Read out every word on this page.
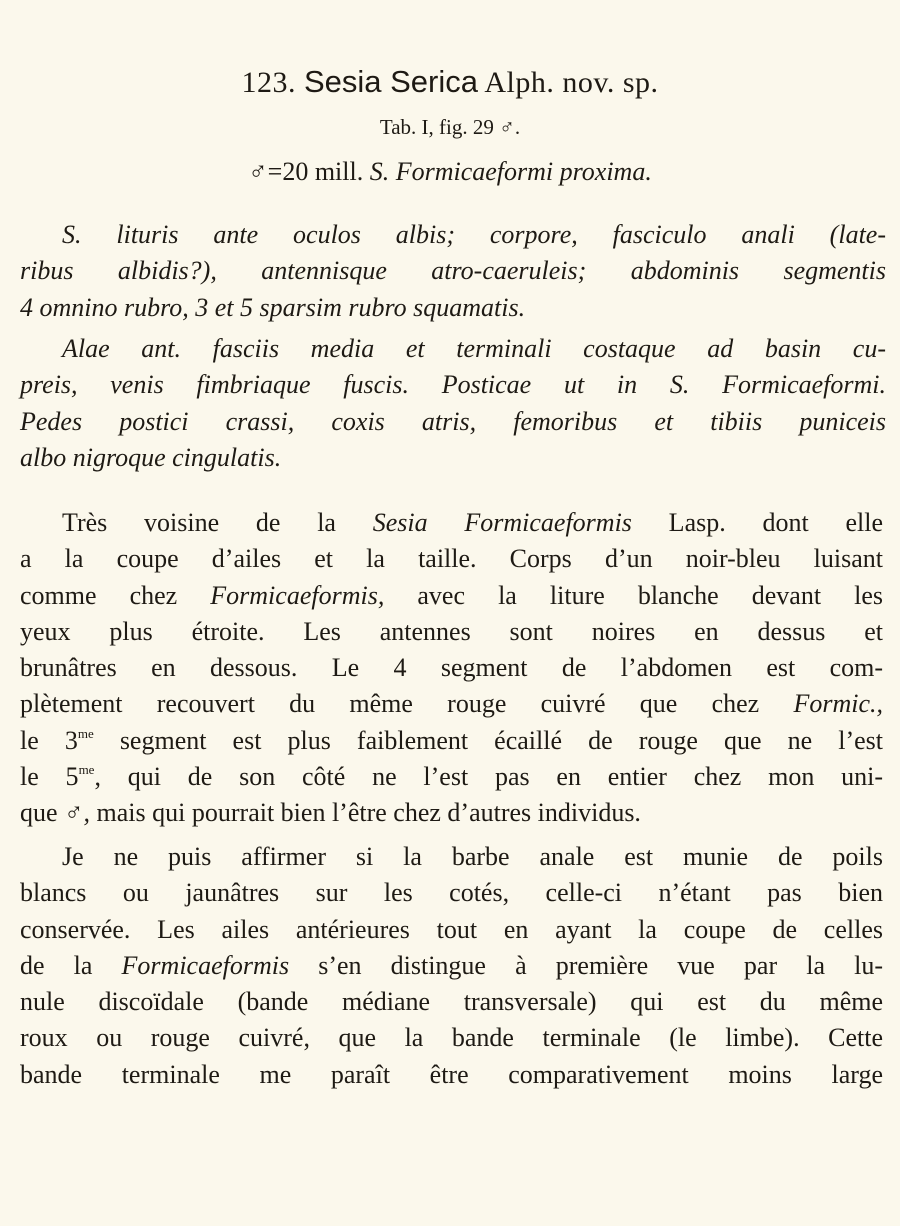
123. Sesia Serica Alph. nov. sp.
Tab. I, fig. 29 ♂.
♂=20 mill. S. Formicaeformi proxima.
S. lituris ante oculos albis; corpore, fasciculo anali (late-
ribus albidis?), antennisque atro-caeruleis; abdominis segmentis
4 omnino rubro, 3 et 5 sparsim rubro squamatis.
Alae ant. fasciis media et terminali costaque ad basin cu-
preis, venis fimbriaque fuscis. Posticae ut in S. Formicaeformi.
Pedes postici crassi, coxis atris, femoribus et tibiis puniceis
albo nigroque cingulatis.
Très voisine de la Sesia Formicaeformis Lasp. dont elle
a la coupe d’ailes et la taille. Corps d’un noir-bleu luisant
comme chez Formicaeformis, avec la liture blanche devant les
yeux plus étroite. Les antennes sont noires en dessus et
brunâtres en dessous. Le 4 segment de l’abdomen est com-
plètement recouvert du même rouge cuivré que chez Formic.,
le $3^{me}$ segment est plus faiblement écaillé de rouge que ne l’est
le $5^{me}$, qui de son côté ne l’est pas en entier chez mon uni-
que ♂, mais qui pourrait bien l’être chez d’autres individus.
Je ne puis affirmer si la barbe anale est munie de poils
blancs ou jaunâtres sur les cotés, celle-ci n’étant pas bien
conservée. Les ailes antérieures tout en ayant la coupe de celles
de la Formicaeformis s’en distingue à première vue par la lu-
nule discoïdale (bande médiane transversale) qui est du même
roux ou rouge cuivré, que la bande terminale (le limbe). Cette
bande terminale me paraît être comparativement moins large
